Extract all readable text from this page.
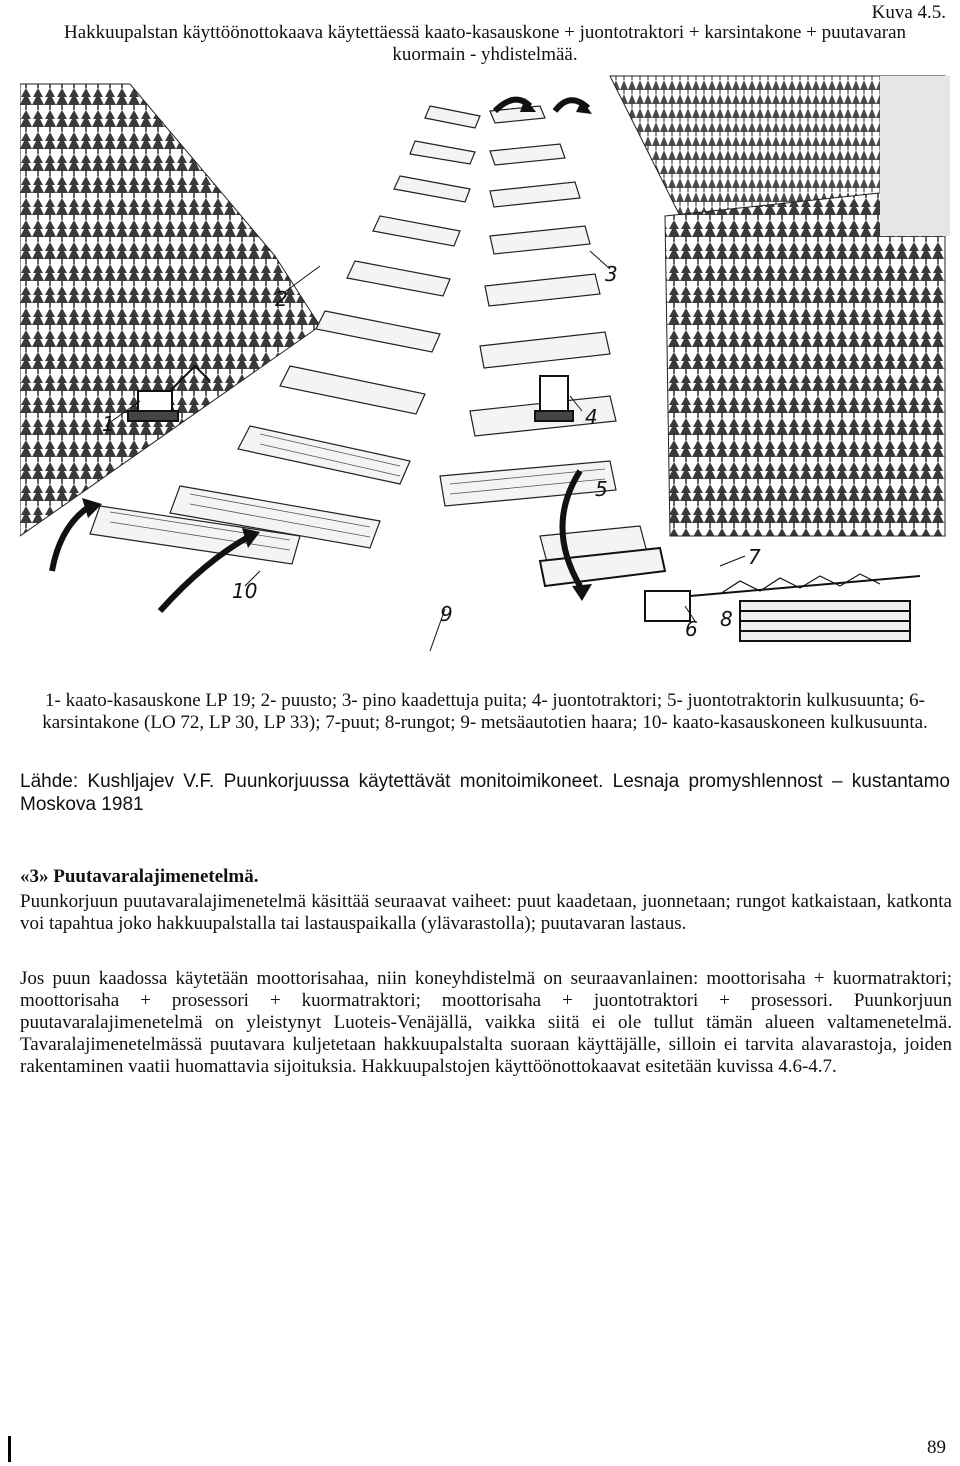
Kuva 4.5.
Hakkuupalstan käyttöönottokaava käytettäessä kaato-kasauskone + juontotraktori + karsintakone + puutavaran kuormain - yhdistelmää.
1
2
3
4
5
6
7
8
9
10
1- kaato-kasauskone LP 19; 2- puusto; 3- pino kaadettuja puita; 4- juontotraktori; 5- juontotraktorin kulkusuunta; 6- karsintakone (LO 72, LP 30, LP 33); 7-puut; 8-rungot; 9- metsäautotien haara; 10- kaato-kasauskoneen kulkusuunta.
Lähde: Kushljajev V.F. Puunkorjuussa käytettävät monitoimikoneet. Lesnaja promyshlennost – kustantamo Moskova 1981
«3» Puutavaralajimenetelmä.
Puunkorjuun puutavaralajimenetelmä käsittää seuraavat vaiheet: puut kaadetaan, juonnetaan; rungot katkaistaan, katkonta voi tapahtua joko hakkuupalstalla tai lastauspaikalla (ylävarastolla); puutavaran lastaus.
Jos puun kaadossa käytetään moottorisahaa, niin koneyhdistelmä on seuraavanlainen: moottorisaha + kuormatraktori; moottorisaha + prosessori + kuormatraktori; moottorisaha + juontotraktori + prosessori. Puunkorjuun puutavaralajimenetelmä on yleistynyt Luoteis-Venäjällä, vaikka siitä ei ole tullut tämän alueen valtamenetelmä. Tavaralajimenetelmässä puutavara kuljetetaan hakkuupalstalta suoraan käyttäjälle, silloin ei tarvita alavarastoja, joiden rakentaminen vaatii huomattavia sijoituksia. Hakkuupalstojen käyttöönottokaavat esitetään kuvissa 4.6-4.7.
89
